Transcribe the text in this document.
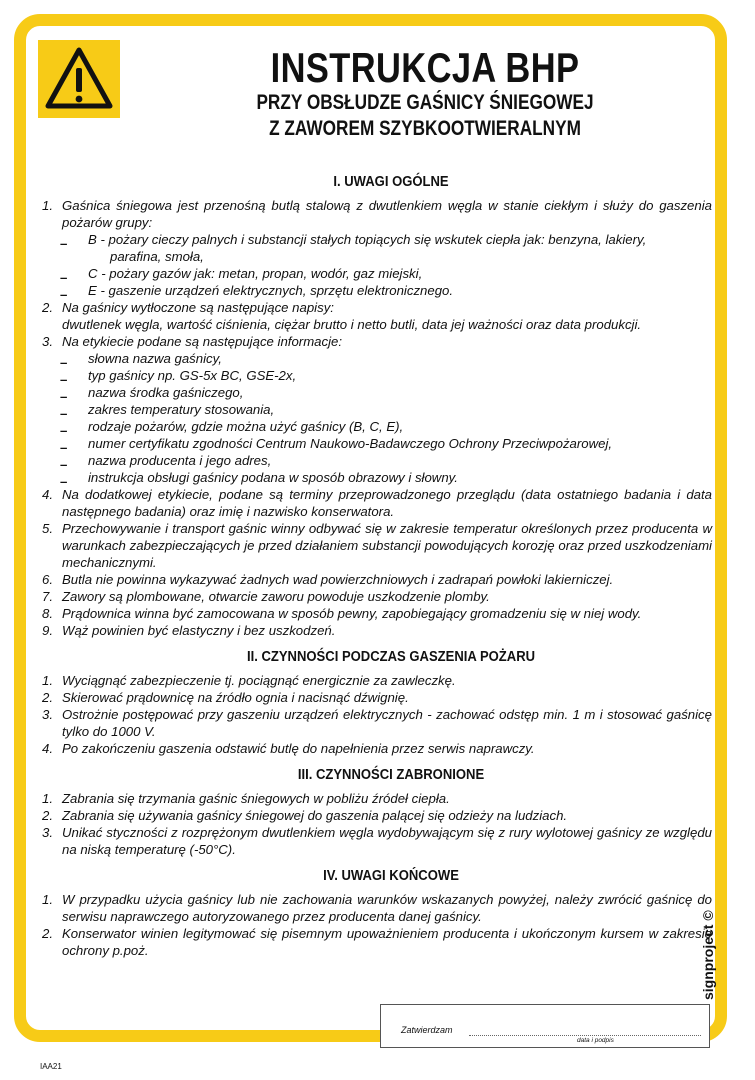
INSTRUKCJA BHP
PRZY OBSŁUDZE GAŚNICY ŚNIEGOWEJ
Z ZAWOREM SZYBKOOTWIERALNYM
I. UWAGI OGÓLNE
1. Gaśnica śniegowa jest przenośną butlą stalową z dwutlenkiem węgla w stanie ciekłym i służy do gaszenia pożarów grupy:
–	B - pożary cieczy palnych i substancji stałych topiących się wskutek ciepła jak: benzyna, lakiery,
parafina, smoła,
–	C - pożary gazów jak: metan, propan, wodór, gaz miejski,
–	E - gaszenie urządzeń elektrycznych, sprzętu elektronicznego.
2. Na gaśnicy wytłoczone są następujące napisy:
dwutlenek węgla, wartość ciśnienia, ciężar brutto i netto butli, data jej ważności oraz data produkcji.
3. Na etykiecie podane są następujące informacje:
–	słowna nazwa gaśnicy,
–	typ gaśnicy np. GS-5x BC, GSE-2x,
–	nazwa środka gaśniczego,
–	zakres temperatury stosowania,
–	rodzaje pożarów, gdzie można użyć gaśnicy (B, C, E),
–	numer certyfikatu zgodności Centrum Naukowo-Badawczego Ochrony Przeciwpożarowej,
–	nazwa producenta i jego adres,
–	instrukcja obsługi gaśnicy podana w sposób obrazowy i słowny.
4. Na dodatkowej etykiecie, podane są terminy przeprowadzonego przeglądu (data ostatniego badania i data następnego badania) oraz imię i nazwisko konserwatora.
5. Przechowywanie i transport gaśnic winny odbywać się w zakresie temperatur określonych przez producenta w warunkach zabezpieczających je przed działaniem substancji powodujących korozję oraz przed uszkodzeniami mechanicznymi.
6. Butla nie powinna wykazywać żadnych wad powierzchniowych i zadrapań powłoki lakierniczej.
7. Zawory są plombowane, otwarcie zaworu powoduje uszkodzenie plomby.
8. Prądownica winna być zamocowana w sposób pewny, zapobiegający gromadzeniu się w niej wody.
9. Wąż powinien być elastyczny i bez uszkodzeń.
II. CZYNNOŚCI PODCZAS GASZENIA POŻARU
1. Wyciągnąć zabezpieczenie tj. pociągnąć energicznie za zawleczkę.
2. Skierować prądownicę na źródło ognia i nacisnąć dźwignię.
3. Ostrożnie postępować przy gaszeniu urządzeń elektrycznych - zachować odstęp min. 1 m i stosować gaśnicę tylko do 1000 V.
4. Po zakończeniu gaszenia odstawić butlę do napełnienia przez serwis naprawczy.
III. CZYNNOŚCI ZABRONIONE
1. Zabrania się trzymania gaśnic śniegowych w pobliżu źródeł ciepła.
2. Zabrania się używania gaśnicy śniegowej do gaszenia palącej się odzieży na ludziach.
3. Unikać styczności z rozprężonym dwutlenkiem węgla wydobywającym się z rury wylotowej gaśnicy ze względu na niską temperaturę (-50°C).
IV. UWAGI KOŃCOWE
1. W przypadku użycia gaśnicy lub nie zachowania warunków wskazanych powyżej, należy zwrócić gaśnicę do serwisu naprawczego autoryzowanego przez producenta danej gaśnicy.
2. Konserwator winien legitymować się pisemnym upoważnieniem producenta i ukończonym kursem w zakresie ochrony p.poż.
Zatwierdzam
data i podpis
signproject ©
IAA21
